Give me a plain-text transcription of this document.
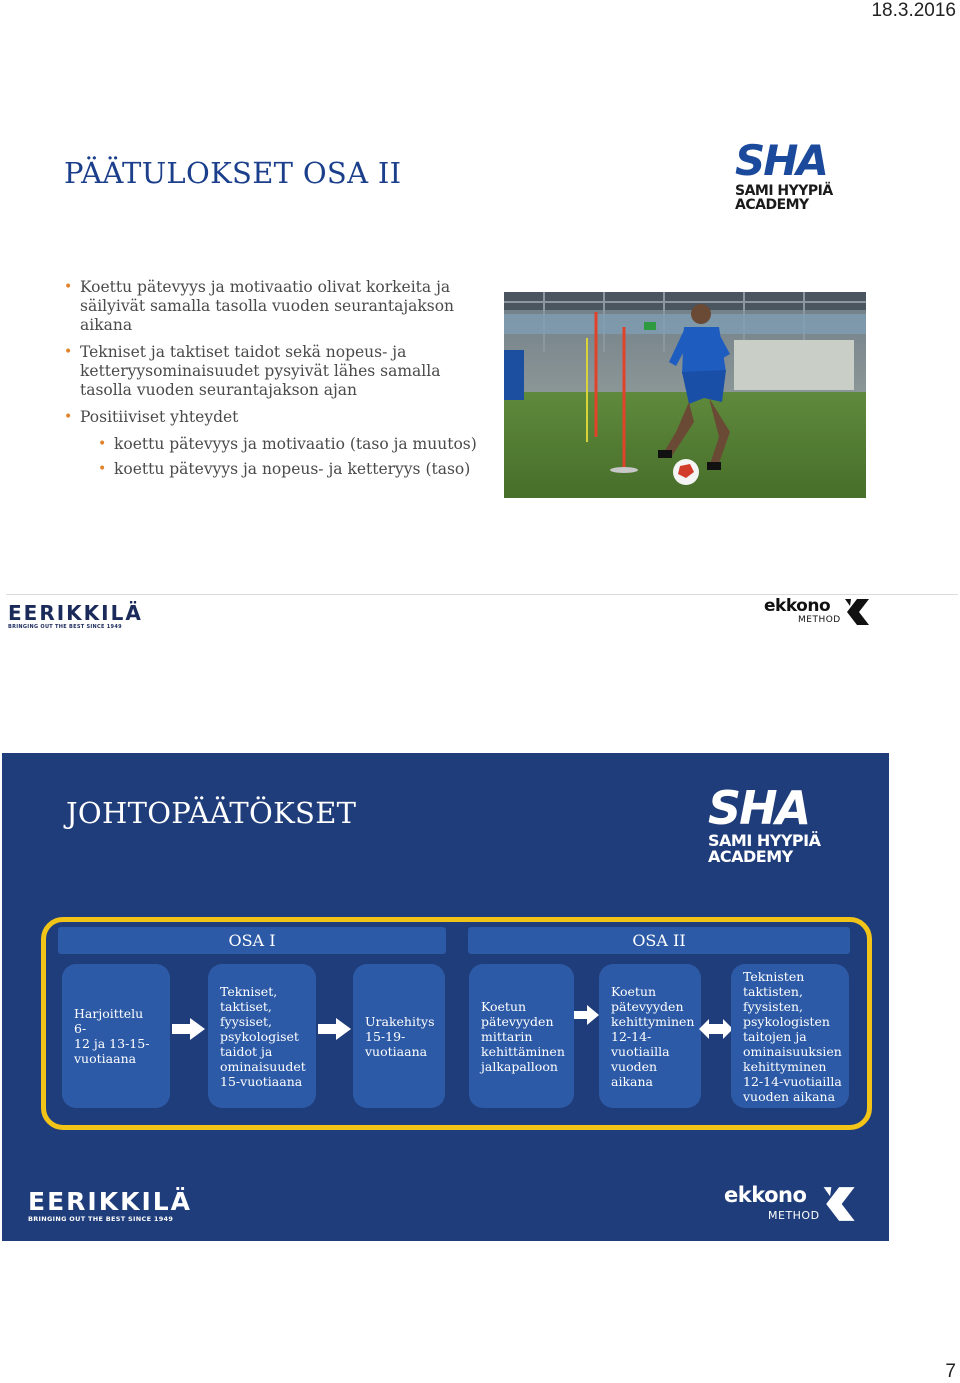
18.3.2016
PÄÄTULOKSET OSA II	SHA
SAMI HYYPIÄ ACADEMY
• Koettu pätevyys ja motivaatio olivat korkeita ja säilyivät samalla tasolla vuoden seurantajakson aikana
• Tekniset ja taktiset taidot sekä nopeus- ja ketteryysominaisuudet pysyivät lähes samalla tasolla vuoden seurantajakson ajan
• Positiiviset yhteydet
• koettu pätevyys ja motivaatio (taso ja muutos)
• koettu pätevyys ja nopeus- ja ketteryys (taso)
EERIKKILÄ
BRINGING OUT THE BEST SINCE 1949
ekkono
METHOD
JOHTOPÄÄTÖKSET	SHA
SAMI HYYPIÄ ACADEMY
OSA I	OSA II
Harjoittelu 6-
12 ja 13-15-
vuotiaana
Tekniset,
taktiset,
fyysiset,
psykologiset
taidot ja
ominaisuudet
15-vuotiaana
Urakehitys
15-19-
vuotiaana
Koetun
pätevyyden
mittarin
kehittäminen
jalkapalloon
Koetun
pätevyyden
kehittyminen
12-14-
vuotiailla
vuoden
aikana
Teknisten
taktisten,
fyysisten,
psykologisten
taitojen ja
ominaisuuksien
kehittyminen
12-14-vuotiailla
vuoden aikana
EERIKKILÄ
BRINGING OUT THE BEST SINCE 1949
ekkono
METHOD
7
